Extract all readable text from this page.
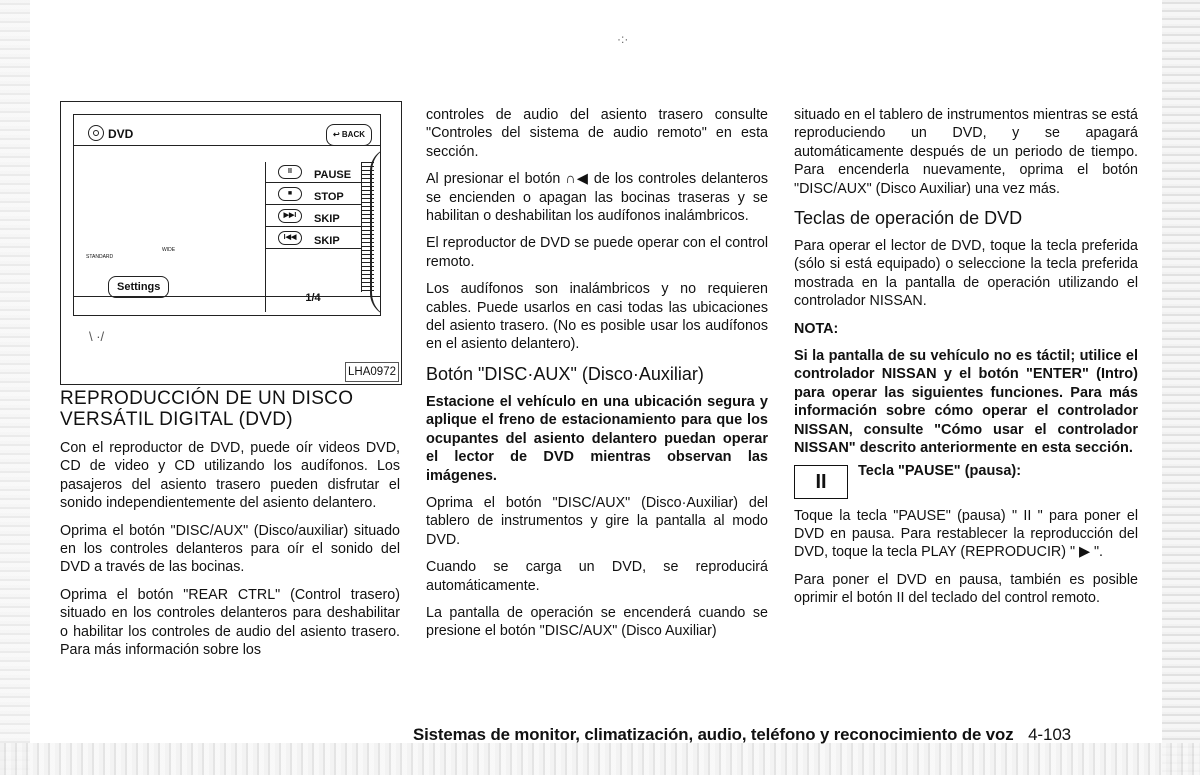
·:·
DVD	↩ BACK
II	PAUSE
■	STOP
▶▶I	SKIP
I◀◀	SKIP
1/4
WIDE
STANDARD
Settings
\ ·/
LHA0972
REPRODUCCIÓN DE UN DISCO VERSÁTIL DIGITAL (DVD)

Con el reproductor de DVD, puede oír videos DVD, CD de video y CD utilizando los audífonos. Los pasajeros del asiento trasero pueden disfrutar el sonido independientemente del asiento delantero.

Oprima el botón "DISC/AUX" (Disco/auxiliar) situado en los controles delanteros para oír el sonido del DVD a través de las bocinas.

Oprima el botón "REAR CTRL" (Control trasero) situado en los controles delanteros para deshabilitar o habilitar los controles de audio del asiento trasero. Para más información sobre los

controles de audio del asiento trasero consulte "Controles del sistema de audio remoto" en esta sección.

Al presionar el botón ∩◀ de los controles delanteros se encienden o apagan las bocinas traseras y se habilitan o deshabilitan los audífonos inalámbricos.

El reproductor de DVD se puede operar con el control remoto.

Los audífonos son inalámbricos y no requieren cables. Puede usarlos en casi todas las ubicaciones del asiento trasero. (No es posible usar los audífonos en el asiento delantero).

Botón "DISC·AUX" (Disco·Auxiliar)

Estacione el vehículo en una ubicación segura y aplique el freno de estacionamiento para que los ocupantes del asiento delantero puedan operar el lector de DVD mientras observan las imágenes.

Oprima el botón "DISC/AUX" (Disco·Auxiliar) del tablero de instrumentos y gire la pantalla al modo DVD.

Cuando se carga un DVD, se reproducirá automáticamente.

La pantalla de operación se encenderá cuando se presione el botón "DISC/AUX" (Disco Auxiliar)

situado en el tablero de instrumentos mientras se está reproduciendo un DVD, y se apagará automáticamente después de un periodo de tiempo. Para encenderla nuevamente, oprima el botón "DISC/AUX" (Disco Auxiliar) una vez más.

Teclas de operación de DVD

Para operar el lector de DVD, toque la tecla preferida (sólo si está equipado) o seleccione la tecla preferida mostrada en la pantalla de operación utilizando el controlador NISSAN.

NOTA:

Si la pantalla de su vehículo no es táctil; utilice el controlador NISSAN y el botón "ENTER" (Intro) para operar las siguientes funciones. Para más información sobre cómo operar el controlador NISSAN, consulte "Cómo usar el controlador NISSAN" descrito anteriormente en esta sección.

II	Tecla "PAUSE" (pausa):

Toque la tecla "PAUSE" (pausa) " II " para poner el DVD en pausa. Para restablecer la reproducción del DVD, toque la tecla PLAY (REPRODUCIR) " ▶ ".

Para poner el DVD en pausa, también es posible oprimir el botón II del teclado del control remoto.

Sistemas de monitor, climatización, audio, teléfono y reconocimiento de voz 4-103
